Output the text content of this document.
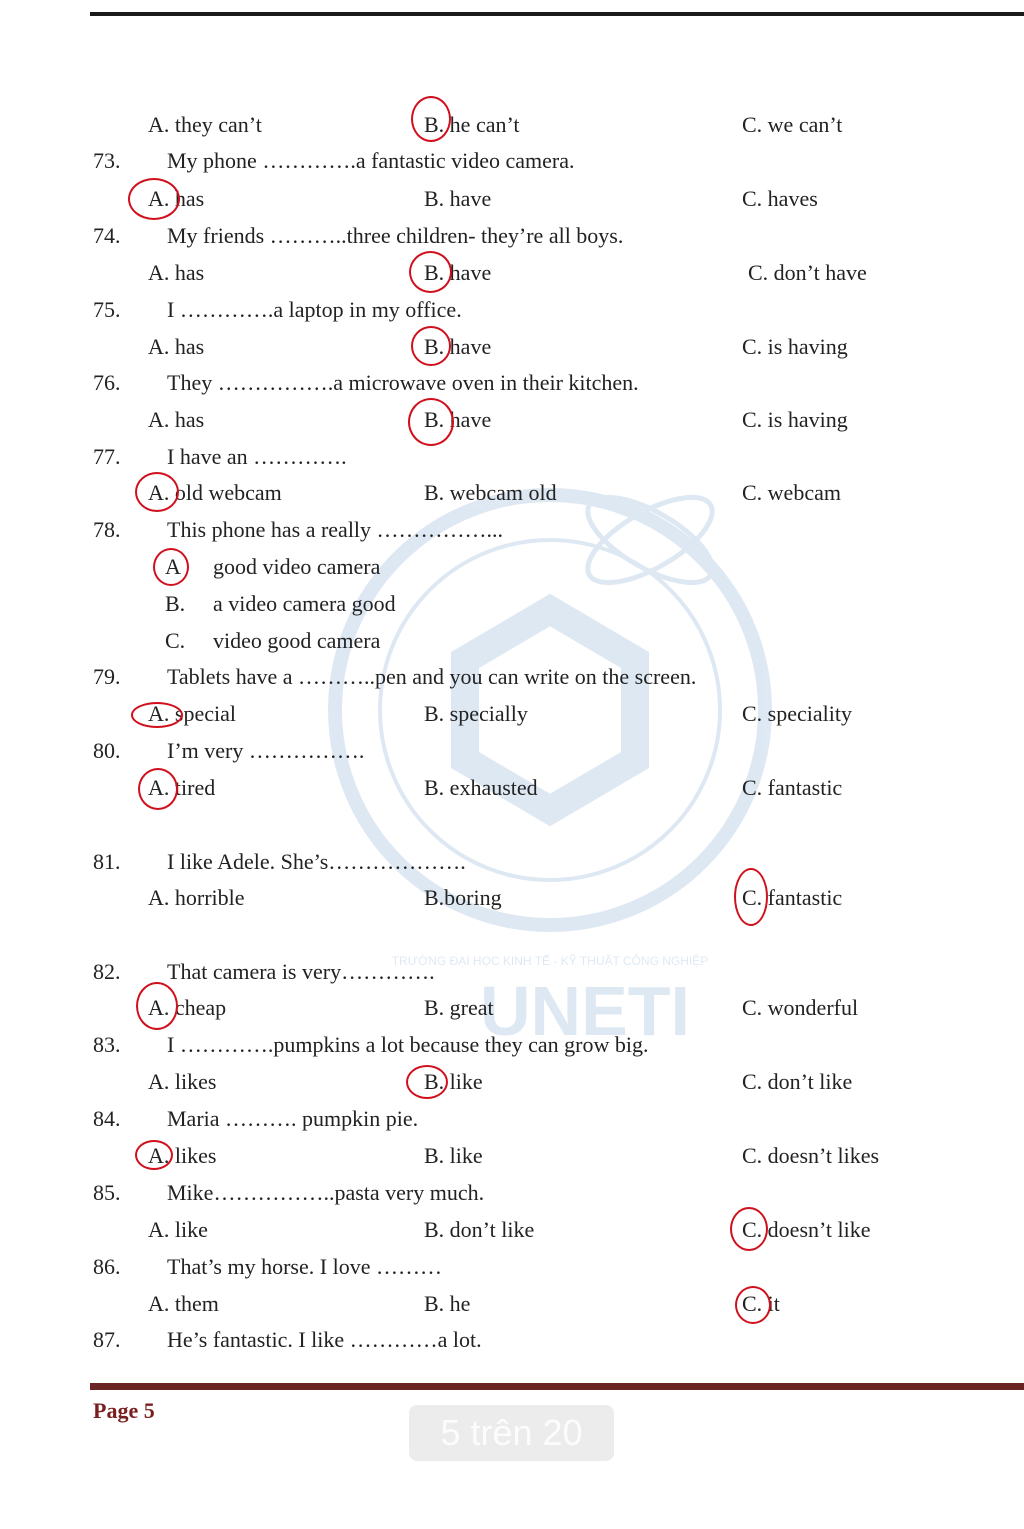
UNETI
TRƯỜNG ĐẠI HỌC KINH TẾ - KỸ THUẬT CÔNG NGHIỆP
A. they can’t	B. he can’t	C. we can’t
73. My phone ………….a fantastic video camera.
A. has	B. have	C. haves
74. My friends ………..three children- they’re all boys.
A. has	B. have	C. don’t have
75. I ………….a laptop in my office.
A. has	B. have	C. is having
76. They …………….a microwave oven in their kitchen.
A. has	B. have	C. is having
77. I have an ………….
A. old webcam	B. webcam old	C. webcam
78. This phone has a really ……………...
A good video camera
B. a video camera good
C. video good camera
79. Tablets have a ………..pen and you can write on the screen.
A. special	B. specially	C. speciality
80. I’m very …………….
A. tired	B. exhausted	C. fantastic
81. I like Adele. She’s……………….
A. horrible	B.boring	C. fantastic
82. That camera is very………….
A. cheap	B. great	C. wonderful
83. I ………….pumpkins a lot because they can grow big.
A. likes	B. like	C. don’t like
84. Maria ………. pumpkin pie.
A. likes	B. like	C. doesn’t likes
85. Mike……………..pasta very much.
A. like	B. don’t like	C. doesn’t like
86. That’s my horse. I love ………
A. them	B. he	C. it
87. He’s fantastic. I like …………a lot.
Page 5
5 trên 20
